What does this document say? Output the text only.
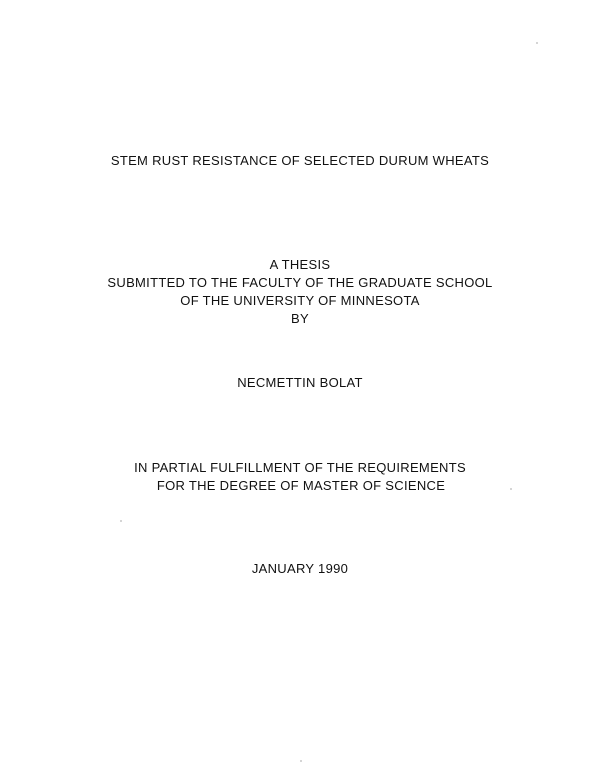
STEM RUST RESISTANCE OF SELECTED DURUM WHEATS
A THESIS
SUBMITTED TO THE FACULTY OF THE GRADUATE SCHOOL
OF THE UNIVERSITY OF MINNESOTA
BY
NECMETTIN BOLAT
IN PARTIAL FULFILLMENT OF THE REQUIREMENTS
FOR THE DEGREE OF MASTER OF SCIENCE
JANUARY 1990
